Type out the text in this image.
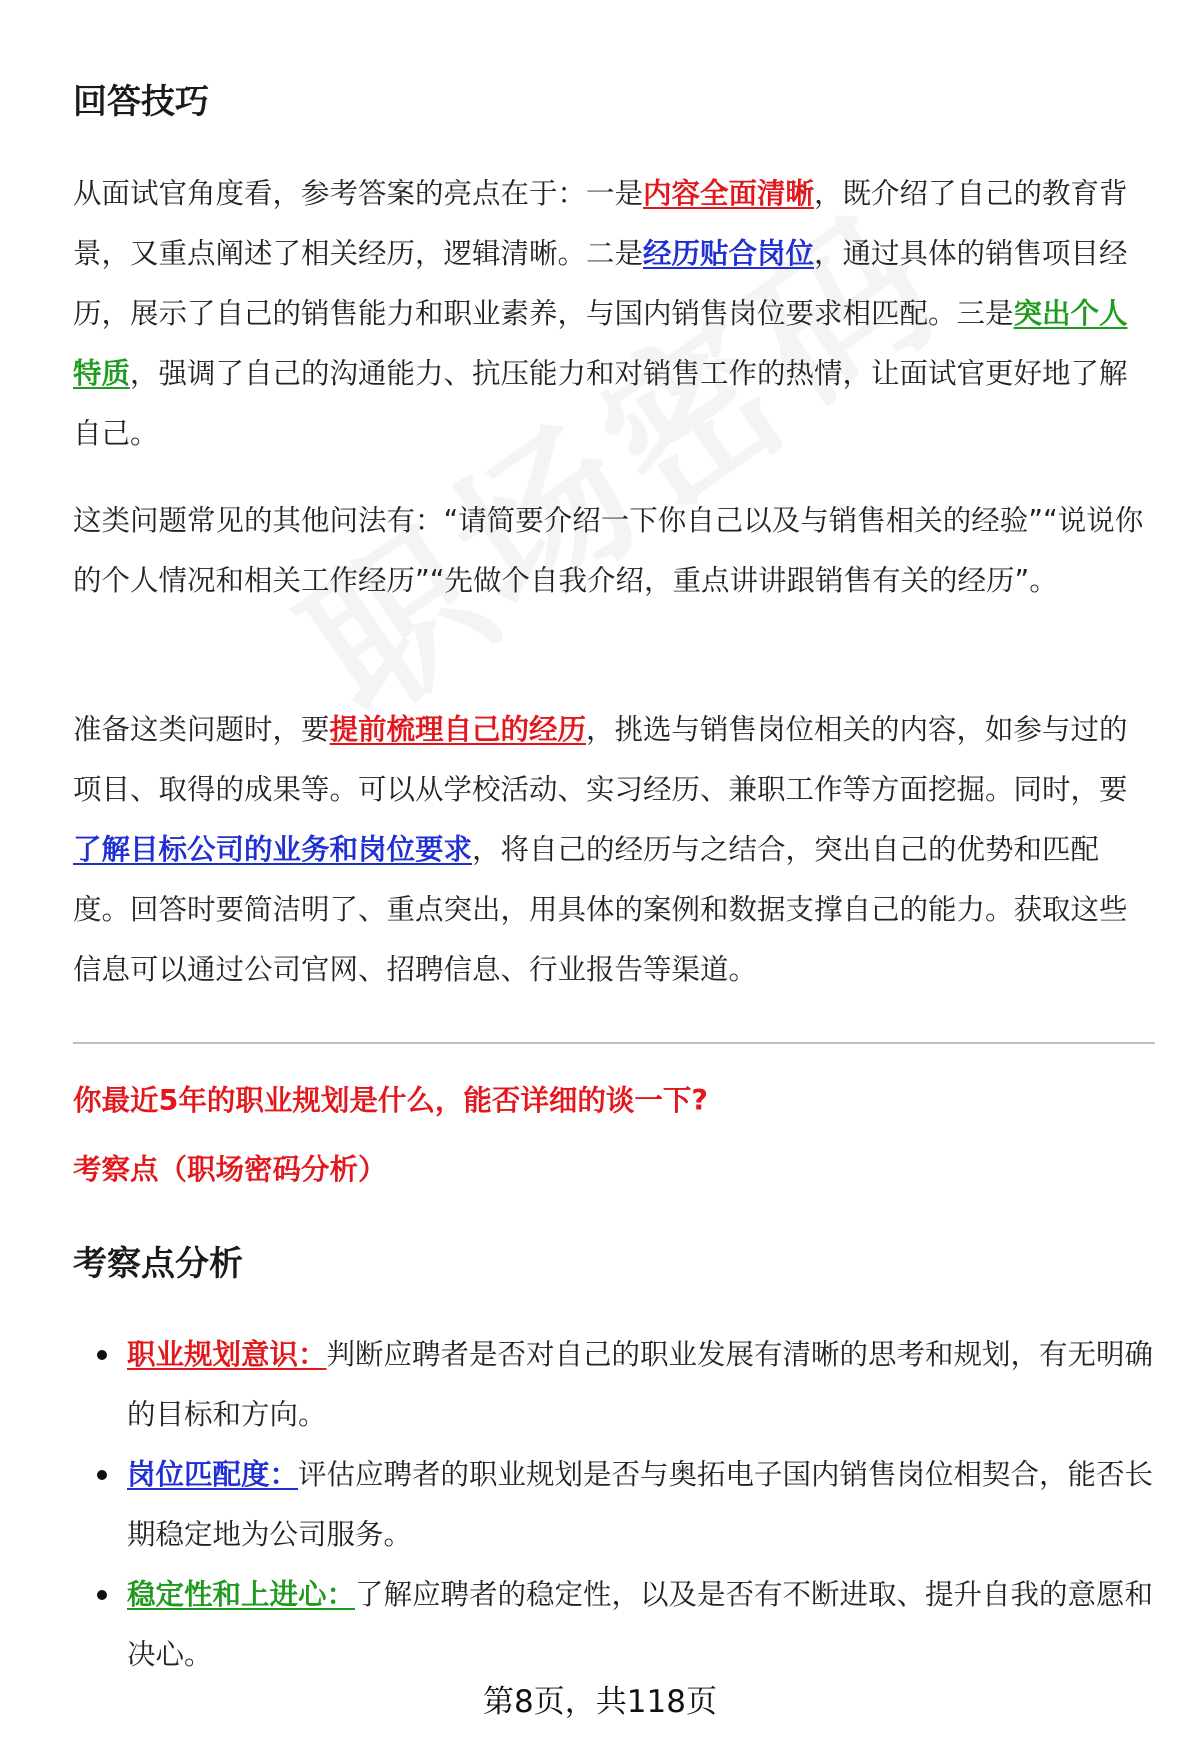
回答技巧

从面试官角度看，参考答案的亮点在于：一是内容全面清晰，既介绍了自己的教育背景，又重点阐述了相关经历，逻辑清晰。二是经历贴合岗位，通过具体的销售项目经历，展示了自己的销售能力和职业素养，与国内销售岗位要求相匹配。三是突出个人特质，强调了自己的沟通能力、抗压能力和对销售工作的热情，让面试官更好地了解自己。

这类问题常见的其他问法有：“请简要介绍一下你自己以及与销售相关的经验”“说说你的个人情况和相关工作经历”“先做个自我介绍，重点讲讲跟销售有关的经历”。

准备这类问题时，要提前梳理自己的经历，挑选与销售岗位相关的内容，如参与过的项目、取得的成果等。可以从学校活动、实习经历、兼职工作等方面挖掘。同时，要了解目标公司的业务和岗位要求，将自己的经历与之结合，突出自己的优势和匹配度。回答时要简洁明了、重点突出，用具体的案例和数据支撑自己的能力。获取这些信息可以通过公司官网、招聘信息、行业报告等渠道。

你最近5年的职业规划是什么，能否详细的谈一下?
考察点（职场密码分析）
考察点分析
职业规划意识：判断应聘者是否对自己的职业发展有清晰的思考和规划，有无明确的目标和方向。
岗位匹配度：评估应聘者的职业规划是否与奥拓电子国内销售岗位相契合，能否长期稳定地为公司服务。
稳定性和上进心：了解应聘者的稳定性，以及是否有不断进取、提升自我的意愿和决心。
第8页，共118页
